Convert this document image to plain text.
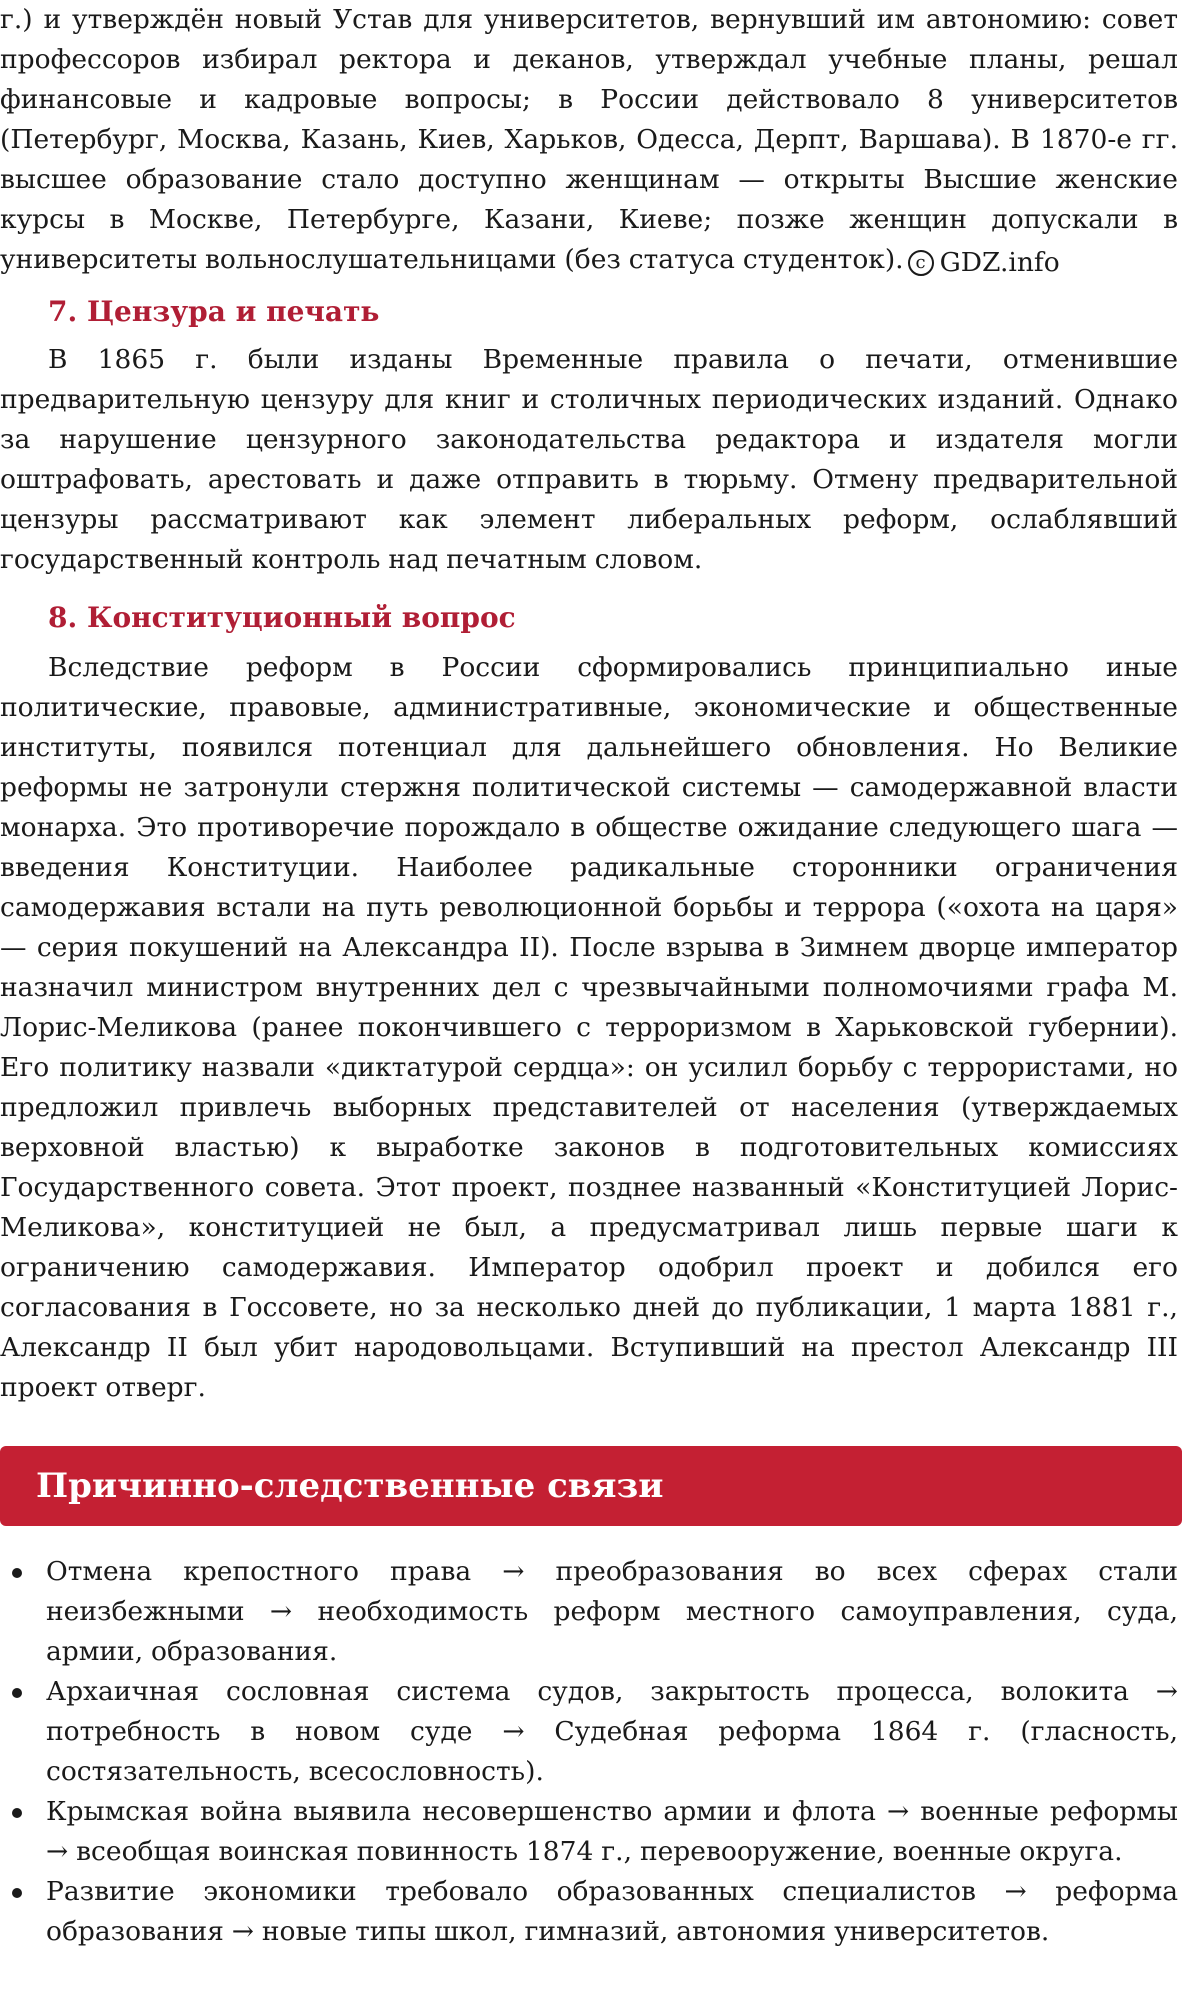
г.) и утверждён новый Устав для университетов, вернувший им автономию: совет профессоров избирал ректора и деканов, утверждал учебные планы, решал финансовые и кадровые вопросы; в России действовало 8 университетов (Петербург, Москва, Казань, Киев, Харьков, Одесса, Дерпт, Варшава). В 1870-е гг. высшее образование стало доступно женщинам — открыты Высшие женские курсы в Москве, Петербурге, Казани, Киеве; позже женщин допускали в университеты вольнослушательницами (без статуса студенток). c GDZ.info

7. Цензура и печать

В 1865 г. были изданы Временные правила о печати, отменившие предварительную цензуру для книг и столичных периодических изданий. Однако за нарушение цензурного законодательства редактора и издателя могли оштрафовать, арестовать и даже отправить в тюрьму. Отмену предварительной цензуры рассматривают как элемент либеральных реформ, ослаблявший государственный контроль над печатным словом.

8. Конституционный вопрос

Вследствие реформ в России сформировались принципиально иные политические, правовые, административные, экономические и общественные институты, появился потенциал для дальнейшего обновления. Но Великие реформы не затронули стержня политической системы — самодержавной власти монарха. Это противоречие порождало в обществе ожидание следующего шага — введения Конституции. Наиболее радикальные сторонники ограничения самодержавия встали на путь революционной борьбы и террора («охота на царя» — серия покушений на Александра II). После взрыва в Зимнем дворце император назначил министром внутренних дел с чрезвычайными полномочиями графа М. Лорис-Меликова (ранее покончившего с терроризмом в Харьковской губернии). Его политику назвали «диктатурой сердца»: он усилил борьбу с террористами, но предложил привлечь выборных представителей от населения (утверждаемых верховной властью) к выработке законов в подготовительных комиссиях Государственного совета. Этот проект, позднее названный «Конституцией Лорис-Меликова», конституцией не был, а предусматривал лишь первые шаги к ограничению самодержавия. Император одобрил проект и добился его согласования в Госсовете, но за несколько дней до публикации, 1 марта 1881 г., Александр II был убит народовольцами. Вступивший на престол Александр III проект отверг.

Причинно-следственные связи
Отмена крепостного права → преобразования во всех сферах стали неизбежными → необходимость реформ местного самоуправления, суда, армии, образования.
Архаичная сословная система судов, закрытость процесса, волокита → потребность в новом суде → Судебная реформа 1864 г. (гласность, состязательность, всесословность).
Крымская война выявила несовершенство армии и флота → военные реформы → всеобщая воинская повинность 1874 г., перевооружение, военные округа.
Развитие экономики требовало образованных специалистов → реформа образования → новые типы школ, гимназий, автономия университетов.
